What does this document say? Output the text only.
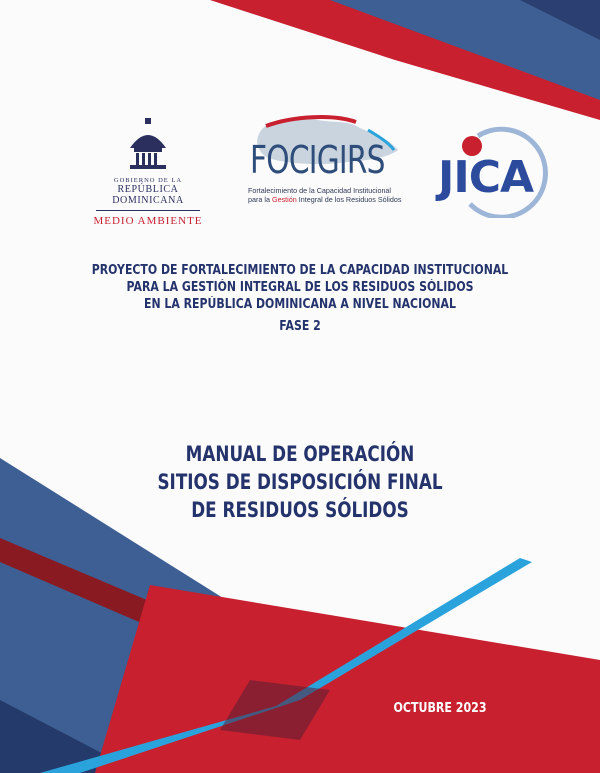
GOBIERNO DE LA
REPÚBLICA DOMINICANA
MEDIO AMBIENTE
FOCIGIRS
Fortalecimiento de la Capacidad Institucional
para la Gestión Integral de los Residuos Sólidos JICA
PROYECTO DE FORTALECIMIENTO DE LA CAPACIDAD INSTITUCIONAL
PARA LA GESTIÓN INTEGRAL DE LOS RESIDUOS SÓLIDOS
EN LA REPÚBLICA DOMINICANA A NIVEL NACIONAL
FASE 2
MANUAL DE OPERACIÓN
SITIOS DE DISPOSICIÓN FINAL
DE RESIDUOS SÓLIDOS
OCTUBRE 2023
